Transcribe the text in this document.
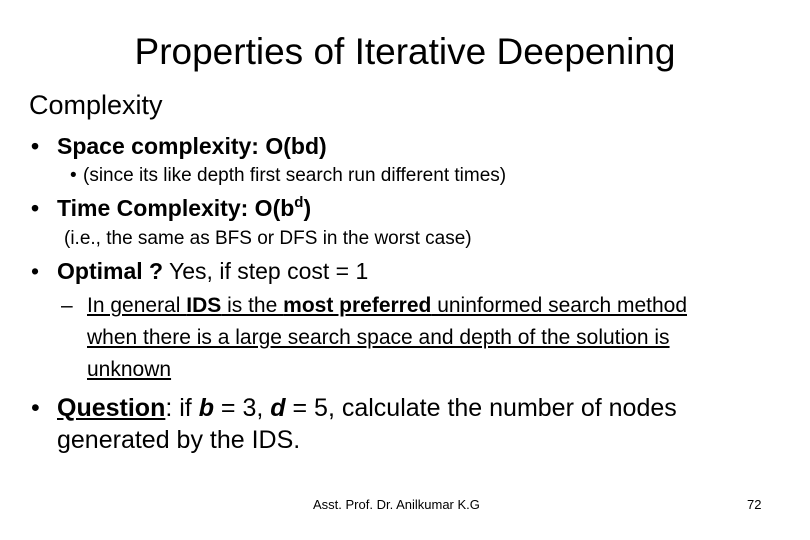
Properties of Iterative Deepening
Complexity
• Space complexity: O(bd)
• (since its like depth first search run different times)
• Time Complexity: $O(b^d)$
(i.e., the same as BFS or DFS in the worst case)
• Optimal ? Yes, if step cost = 1
– In general IDS is the most preferred uninformed search method
when there is a large search space and depth of the solution is
unknown
• Question: if b = 3, d = 5, calculate the number of nodes
generated by the IDS.
Asst. Prof. Dr. Anilkumar K.G	72
